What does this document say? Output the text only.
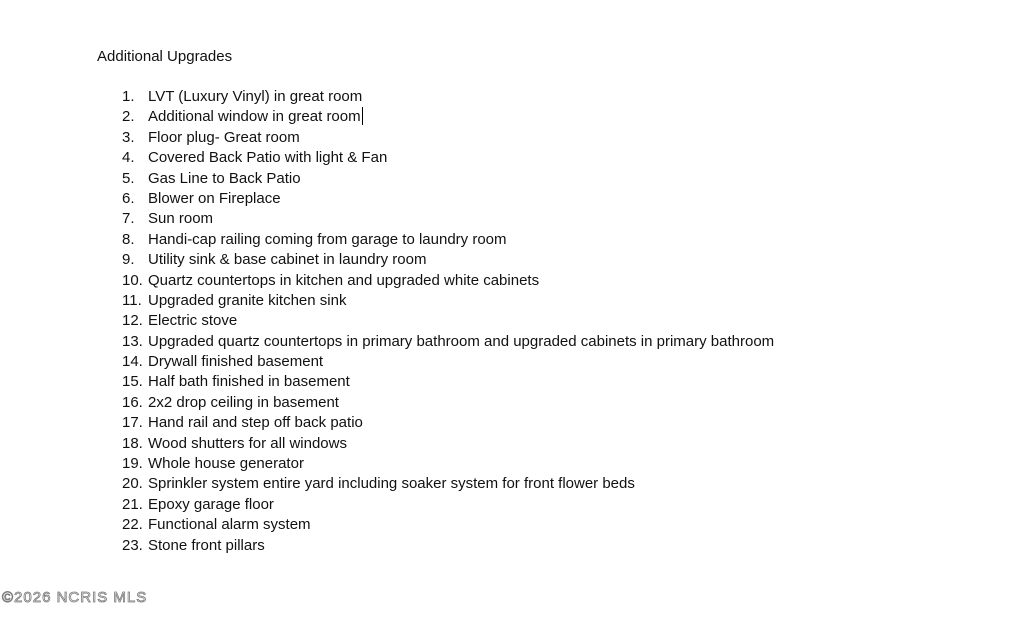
Additional Upgrades
1. LVT (Luxury Vinyl) in great room
2. Additional window in great room
3. Floor plug- Great room
4. Covered Back Patio with light & Fan
5. Gas Line to Back Patio
6. Blower on Fireplace
7. Sun room
8. Handi-cap railing coming from garage to laundry room
9. Utility sink & base cabinet in laundry room
10. Quartz countertops in kitchen and upgraded white cabinets
11. Upgraded granite kitchen sink
12. Electric stove
13. Upgraded quartz countertops in primary bathroom and upgraded cabinets in primary bathroom
14. Drywall finished basement
15. Half bath finished in basement
16. 2x2 drop ceiling in basement
17. Hand rail and step off back patio
18. Wood shutters for all windows
19. Whole house generator
20. Sprinkler system entire yard including soaker system for front flower beds
21. Epoxy garage floor
22. Functional alarm system
23. Stone front pillars
©2026 NCRIS MLS
